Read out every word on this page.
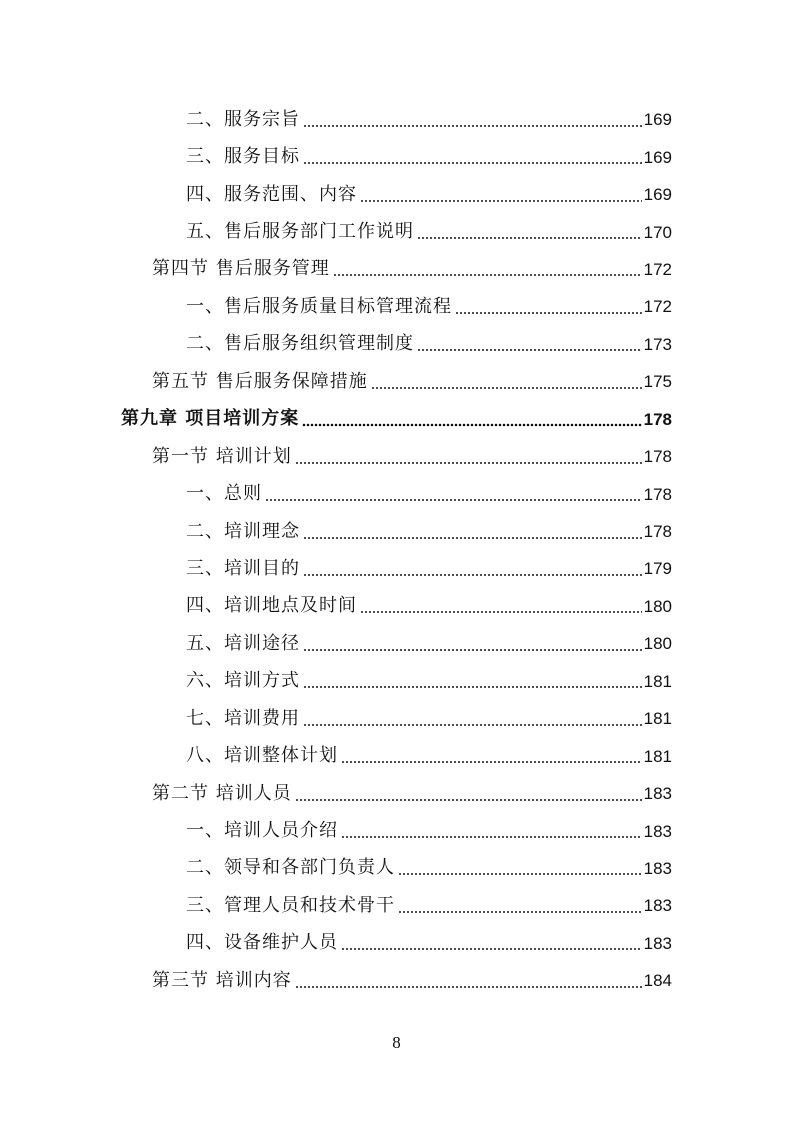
二、服务宗旨	169
三、服务目标	169
四、服务范围、内容	169
五、售后服务部门工作说明	170
第四节 售后服务管理	172
一、售后服务质量目标管理流程	172
二、售后服务组织管理制度	173
第五节 售后服务保障措施	175
第九章 项目培训方案	178
第一节 培训计划	178
一、总则	178
二、培训理念	178
三、培训目的	179
四、培训地点及时间	180
五、培训途径	180
六、培训方式	181
七、培训费用	181
八、培训整体计划	181
第二节 培训人员	183
一、培训人员介绍	183
二、领导和各部门负责人	183
三、管理人员和技术骨干	183
四、设备维护人员	183
第三节 培训内容	184
8
